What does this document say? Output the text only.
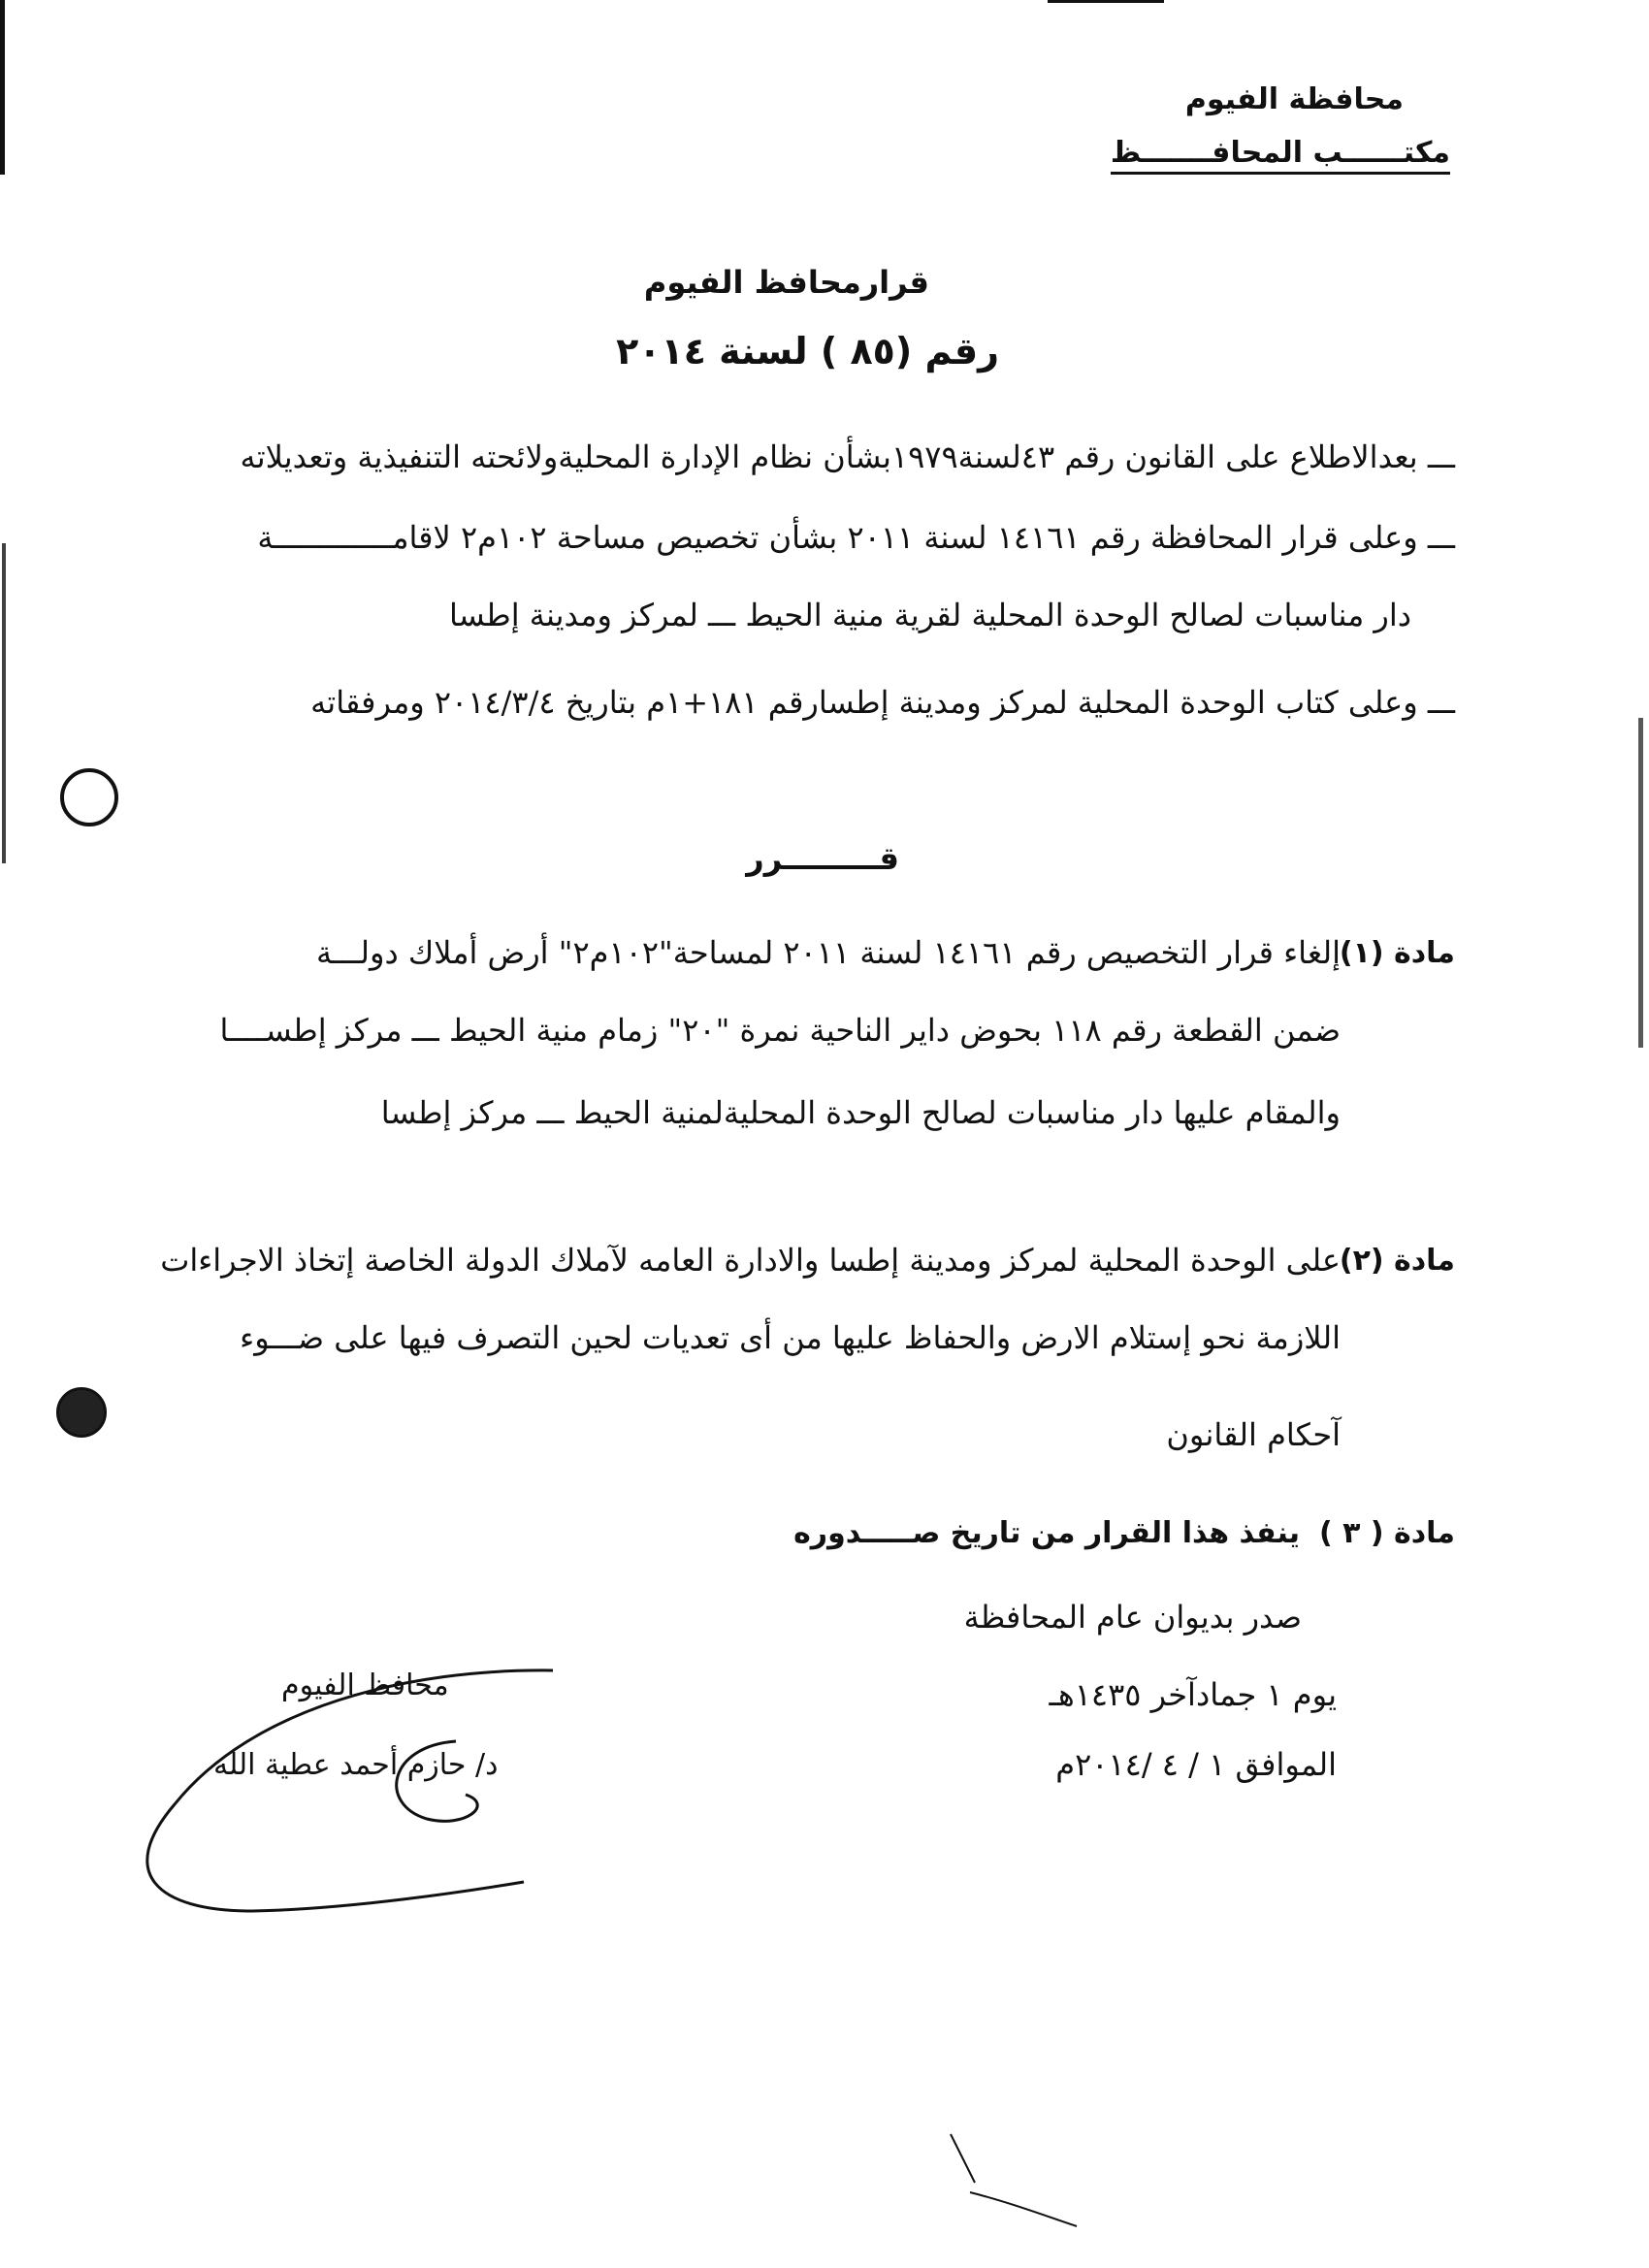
محافظة الفيوم
مكتــــــب المحافـــــــظ
قرارمحافظ الفيوم
رقم (٨٥ ) لسنة ٢٠١٤
ـــ بعدالاطلاع على القانون رقم ٤٣لسنة١٩٧٩بشأن نظام الإدارة المحليةولائحته التنفيذية وتعديلاته
ـــ وعلى قرار المحافظة رقم ١٤١٦١ لسنة ٢٠١١ بشأن تخصيص مساحة ١٠٢م٢ لاقامـــــــــــــة
دار مناسبات لصالح الوحدة المحلية لقرية منية الحيط ـــ لمركز ومدينة إطسا
ـــ وعلى كتاب الوحدة المحلية لمركز ومدينة إطسارقم ١٨١+١م بتاريخ ٢٠١٤/٣/٤ ومرفقاته
قـــــــــرر
مادة (١)
إلغاء قرار التخصيص رقم ١٤١٦١ لسنة ٢٠١١ لمساحة"١٠٢م٢" أرض أملاك دولـــة
ضمن القطعة رقم ١١٨ بحوض داير الناحية نمرة "٢٠" زمام منية الحيط ـــ مركز إطســــا
والمقام عليها دار مناسبات لصالح الوحدة المحليةلمنية الحيط ـــ مركز إطسا
مادة (٢)
على الوحدة المحلية لمركز ومدينة إطسا والادارة العامه لآملاك الدولة الخاصة إتخاذ الاجراءات
اللازمة نحو إستلام الارض والحفاظ عليها من أى تعديات لحين التصرف فيها على ضـــوء
آحكام القانون
مادة ( ٣ )
ينفذ هذا القرار من تاريخ صـــــدوره
صدر بديوان عام المحافظة
يوم ١ جمادآخر ١٤٣٥هـ
الموافق ١ / ٤ /٢٠١٤م
محافظ الفيوم
د/ حازم أحمد عطية الله
